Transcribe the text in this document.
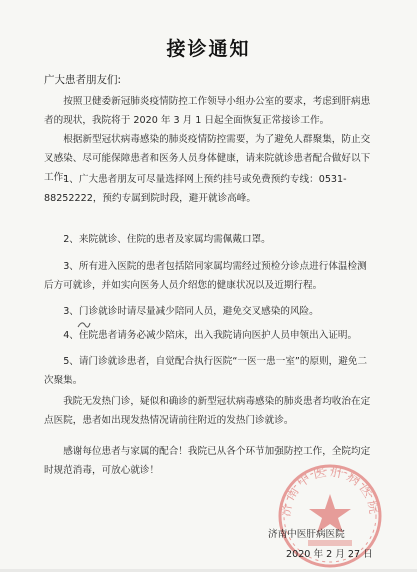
接诊通知
广大患者朋友们:
按照卫健委新冠肺炎疫情防控工作领导小组办公室的要求，考虑到肝病患者的现状，我院将于 2020 年 3 月 1 日起全面恢复正常接诊工作。
根据新型冠状病毒感染的肺炎疫情防控需要，为了避免人群聚集，防止交叉感染、尽可能保障患者和医务人员身体健康，请来院就诊患者配合做好以下工作:
1、广大患者朋友可尽量选择网上预约挂号或免费预约专线：0531-88252222，预约专属到院时段，避开就诊高峰。
2、来院就诊、住院的患者及家属均需佩戴口罩。
3、所有进入医院的患者包括陪同家属均需经过预检分诊点进行体温检测后方可就诊，并如实向医务人员介绍您的健康状况以及近期行程。
3、门诊就诊时请尽量减少陪同人员，避免交叉感染的风险。
4、住院患者请务必减少陪床，出入我院请向医护人员申领出入证明。
5、请门诊就诊患者，自觉配合执行医院“一医一患一室”的原则，避免二次聚集。
我院无发热门诊，疑似和确诊的新型冠状病毒感染的肺炎患者均收治在定点医院，患者如出现发热情况请前往附近的发热门诊就诊。
感谢每位患者与家属的配合！我院已从各个环节加强防控工作，全院均定时规范消毒，可放心就诊！
济南中医肝病医院
济南中医肝病医院
2020 年 2 月 27 日
